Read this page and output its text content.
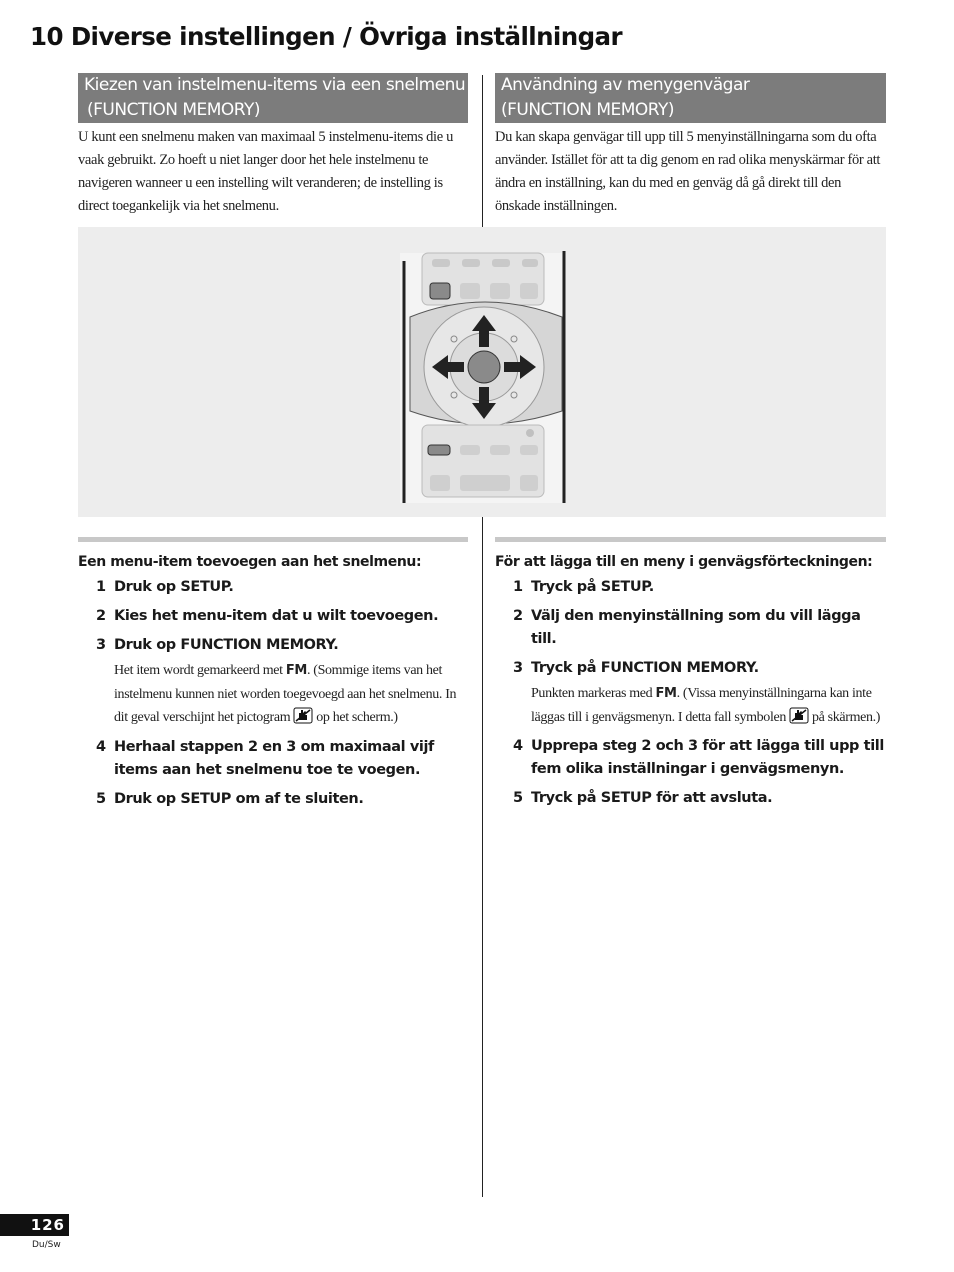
10 Diverse instellingen / Övriga inställningar
Kiezen van instelmenu-items via een snelmenu
(FUNCTION MEMORY)
Användning av menygenvägar
(FUNCTION MEMORY)

U kunt een snelmenu maken van maximaal 5 instelmenu-items die u vaak gebruikt. Zo hoeft u niet langer door het hele instelmenu te navigeren wanneer u een instelling wilt veranderen; de instelling is direct toegankelijk via het snelmenu.

Du kan skapa genvägar till upp till 5 menyinställningarna som du ofta använder. Istället för att ta dig genom en rad olika menyskärmar för att ändra en inställning, kan du med en genväg då gå direkt till den önskade inställningen.

Een menu-item toevoegen aan het snelmenu:

1 Druk op SETUP.
2 Kies het menu-item dat u wilt toevoegen.
3 Druk op FUNCTION MEMORY.
Het item wordt gemarkeerd met FM. (Sommige items van het instelmenu kunnen niet worden toegevoegd aan het snelmenu. In dit geval verschijnt het pictogram op het scherm.)
4 Herhaal stappen 2 en 3 om maximaal vijf items aan het snelmenu toe te voegen.
5 Druk op SETUP om af te sluiten.

För att lägga till en meny i genvägsförteckningen:

1 Tryck på SETUP.
2 Välj den menyinställning som du vill lägga till.
3 Tryck på FUNCTION MEMORY.
Punkten markeras med FM. (Vissa menyinställningarna kan inte läggas till i genvägsmenyn. I detta fall symbolen på skärmen.)
4 Upprepa steg 2 och 3 för att lägga till upp till fem olika inställningar i genvägsmenyn.
5 Tryck på SETUP för att avsluta.
126
Du/Sw
